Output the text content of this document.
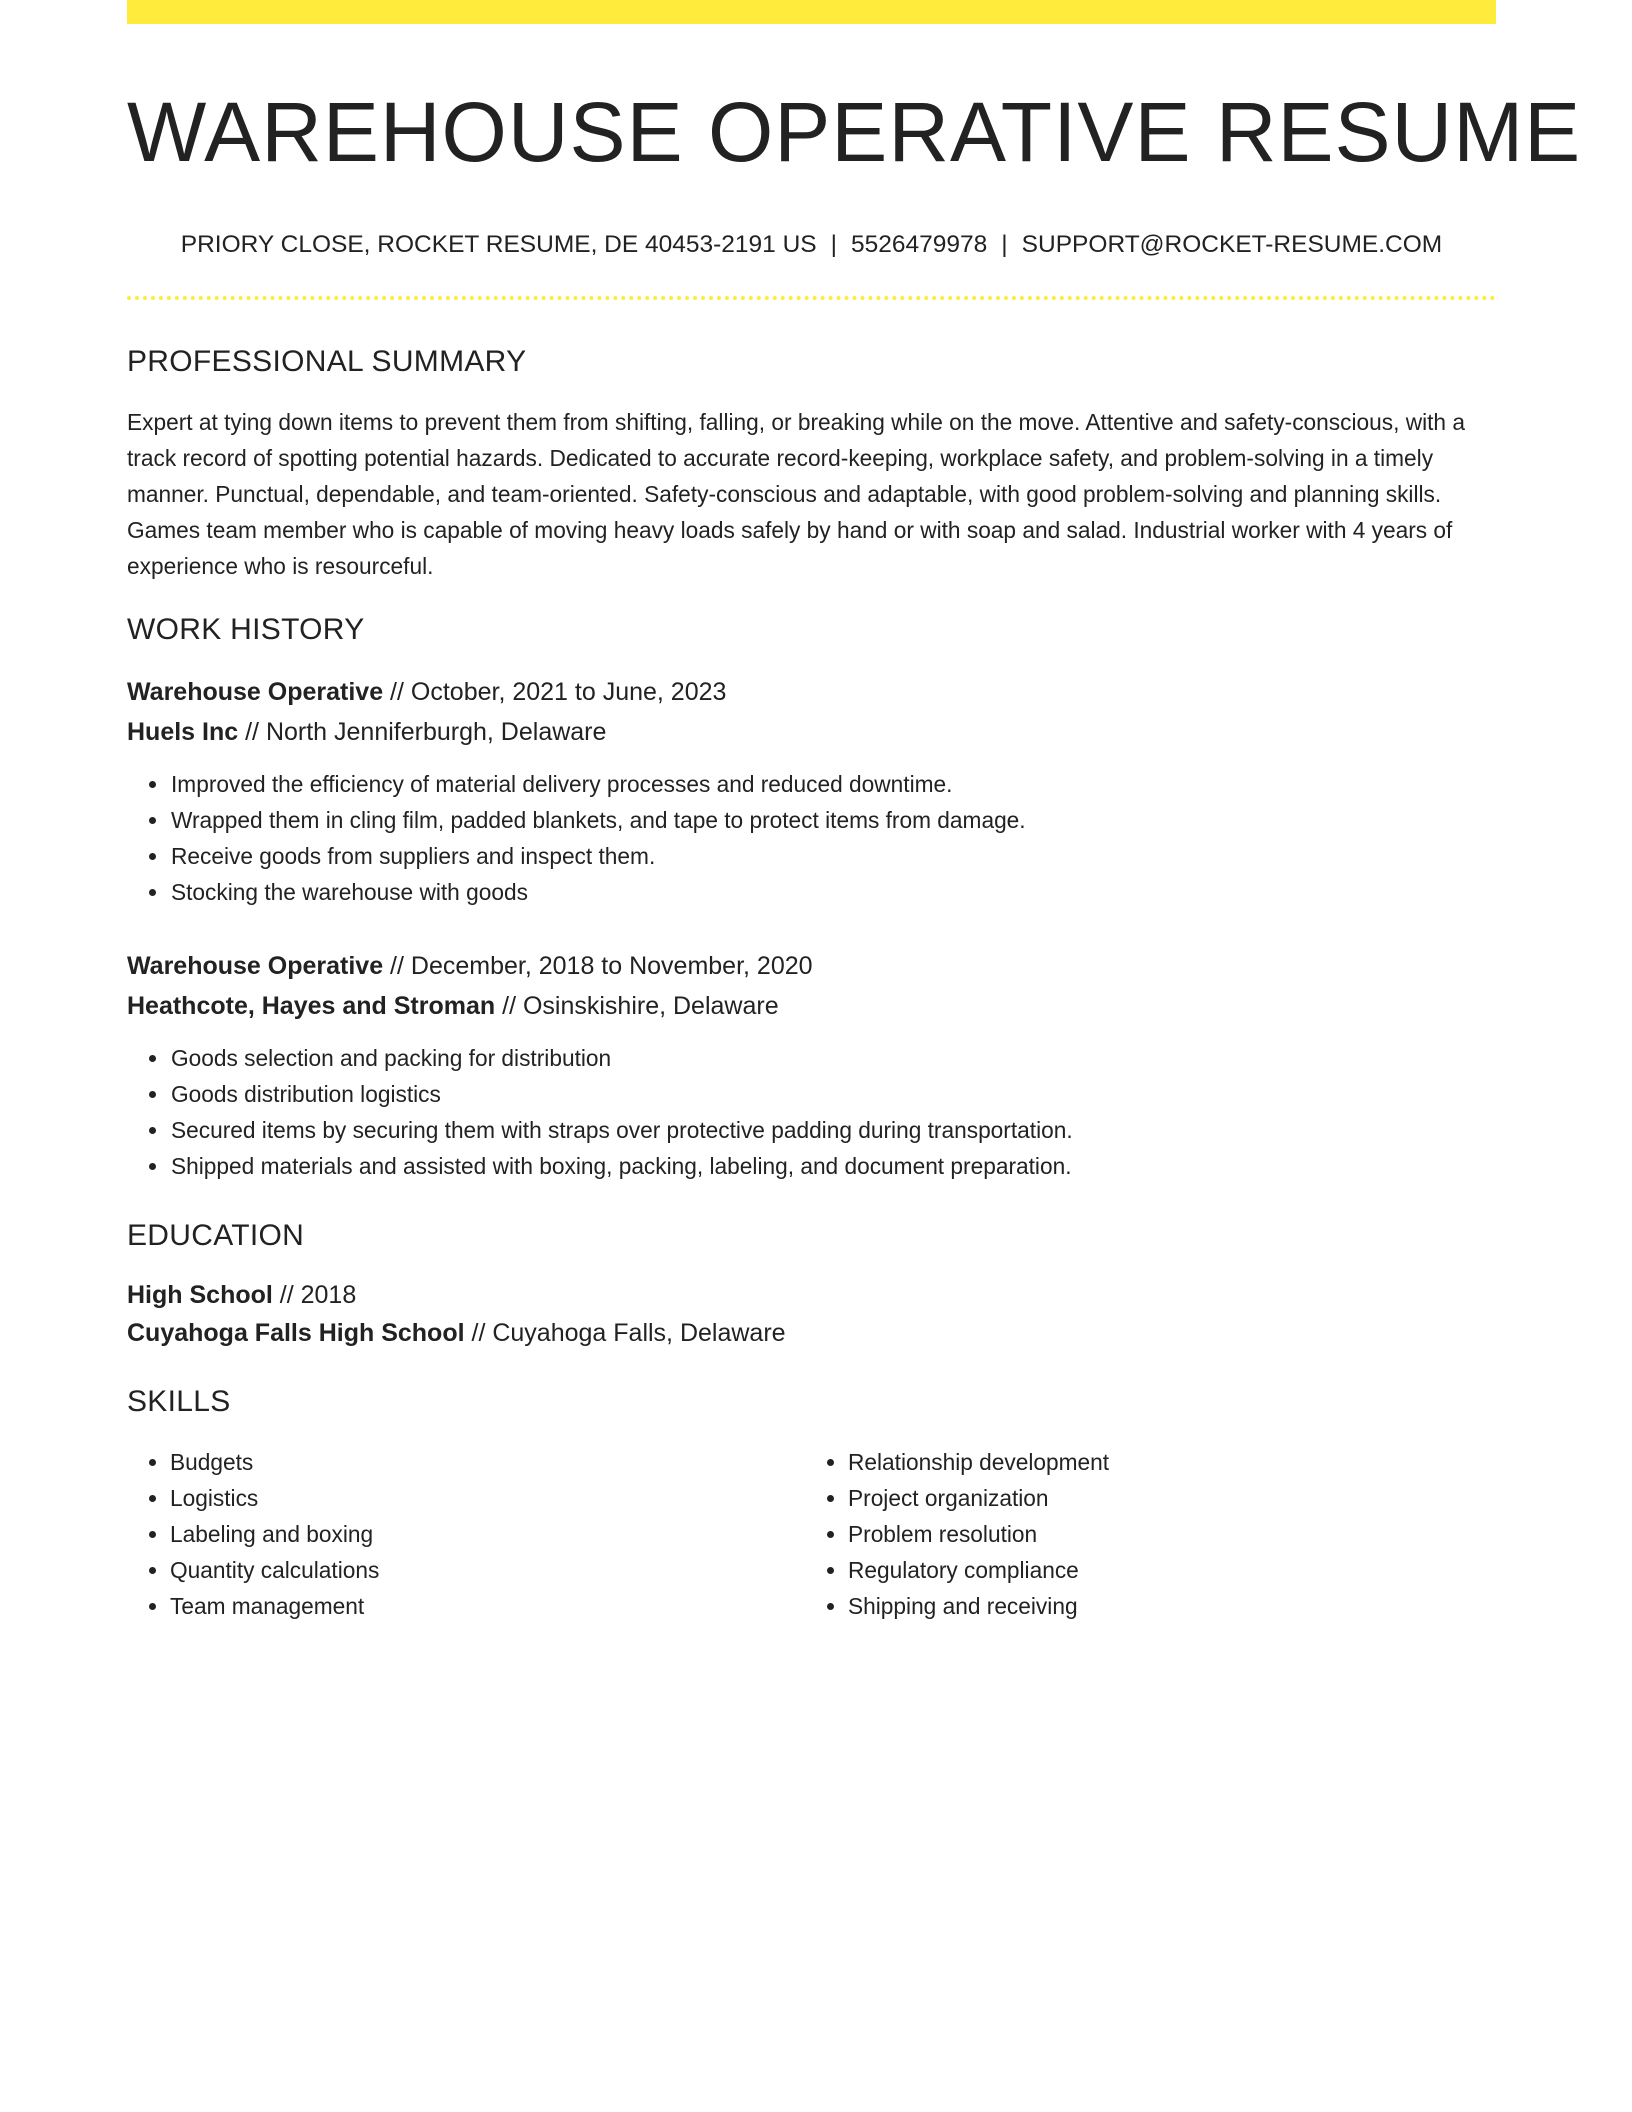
WAREHOUSE OPERATIVE RESUME
PRIORY CLOSE, ROCKET RESUME, DE 40453-2191 US | 5526479978 | SUPPORT@ROCKET-RESUME.COM
PROFESSIONAL SUMMARY
Expert at tying down items to prevent them from shifting, falling, or breaking while on the move. Attentive and safety-conscious, with a track record of spotting potential hazards. Dedicated to accurate record-keeping, workplace safety, and problem-solving in a timely manner. Punctual, dependable, and team-oriented. Safety-conscious and adaptable, with good problem-solving and planning skills. Games team member who is capable of moving heavy loads safely by hand or with soap and salad. Industrial worker with 4 years of experience who is resourceful.
WORK HISTORY
Warehouse Operative // October, 2021 to June, 2023
Huels Inc // North Jenniferburgh, Delaware
• Improved the efficiency of material delivery processes and reduced downtime.
• Wrapped them in cling film, padded blankets, and tape to protect items from damage.
• Receive goods from suppliers and inspect them.
• Stocking the warehouse with goods
Warehouse Operative // December, 2018 to November, 2020
Heathcote, Hayes and Stroman // Osinskishire, Delaware
• Goods selection and packing for distribution
• Goods distribution logistics
• Secured items by securing them with straps over protective padding during transportation.
• Shipped materials and assisted with boxing, packing, labeling, and document preparation.
EDUCATION
High School // 2018
Cuyahoga Falls High School // Cuyahoga Falls, Delaware
SKILLS
• Budgets
• Logistics
• Labeling and boxing
• Quantity calculations
• Team management
• Relationship development
• Project organization
• Problem resolution
• Regulatory compliance
• Shipping and receiving
